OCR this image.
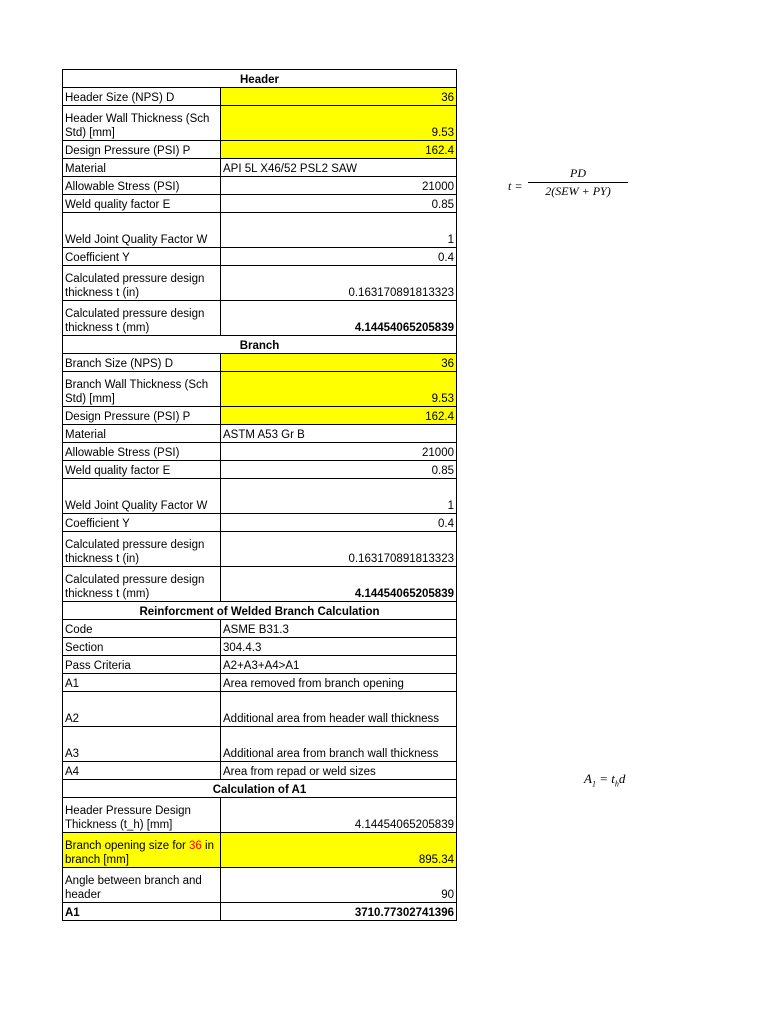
Header	
Header Size (NPS) D	36
Header Wall Thickness (Sch Std) [mm]	9.53
Design Pressure (PSI) P	162.4
Material	API 5L X46/52 PSL2 SAW
Allowable Stress (PSI)	21000
Weld quality factor E	0.85
Weld Joint Quality Factor W	1
Coefficient Y	0.4
Calculated pressure design thickness t (in)	0.163170891813323
Calculated pressure design thickness t (mm)	4.14454065205839
Branch	
Branch Size (NPS) D	36
Branch Wall Thickness (Sch Std) [mm]	9.53
Design Pressure (PSI) P	162.4
Material	ASTM A53 Gr B
Allowable Stress (PSI)	21000
Weld quality factor E	0.85
Weld Joint Quality Factor W	1
Coefficient Y	0.4
Calculated pressure design thickness t (in)	0.163170891813323
Calculated pressure design thickness t (mm)	4.14454065205839
Reinforcment of Welded Branch Calculation	
Code	ASME B31.3
Section	304.4.3
Pass Criteria	A2+A3+A4>A1
A1	Area removed from branch opening
A2	Additional area from header wall thickness
A3	Additional area from branch wall thickness
A4	Area from repad or weld sizes
Calculation of A1	
Header Pressure Design Thickness (t_h) [mm]	4.14454065205839
Branch opening size for 36 in branch [mm]	895.34
Angle between branch and header	90
A1	3710.77302741396
t =
PD
2(SEW + PY)
$A_1 = t_hd$
